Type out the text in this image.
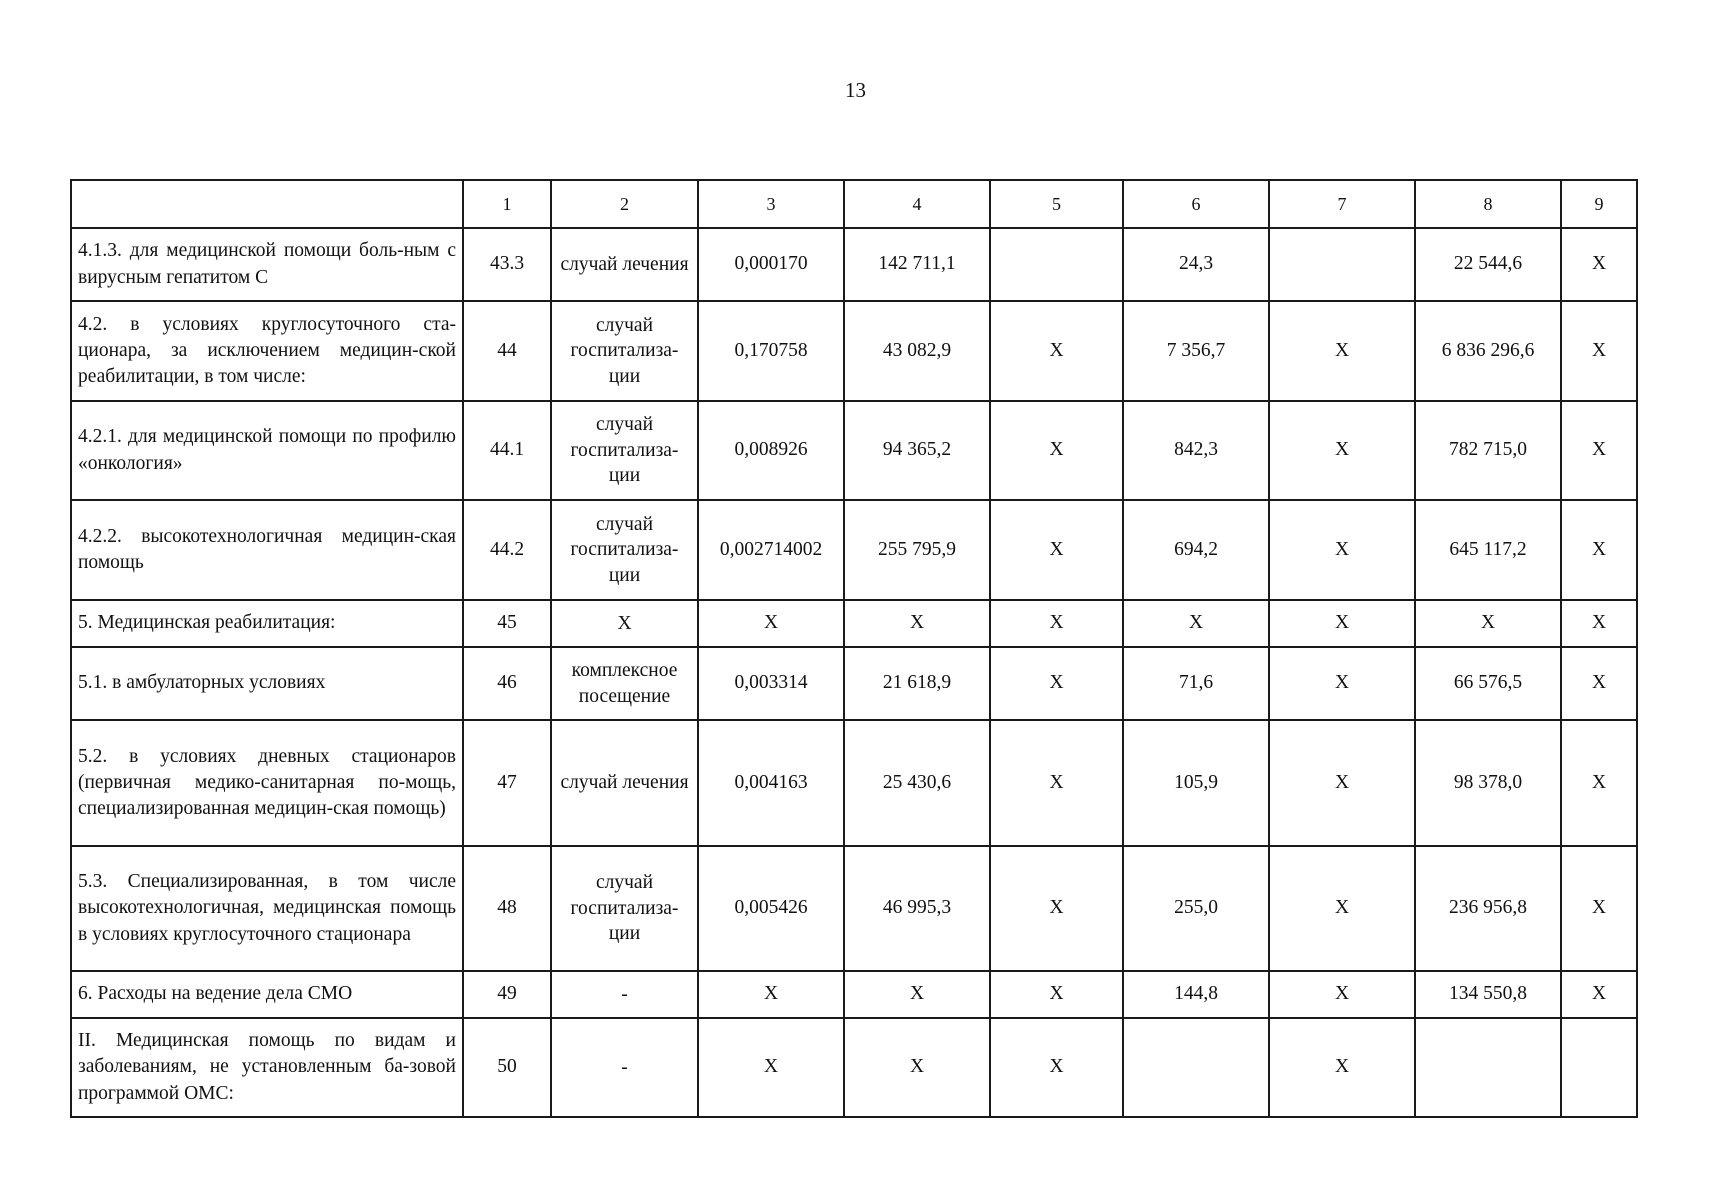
13
	1	2	3	4	5	6	7	8	9
4.1.3. для медицинской помощи боль-ным с вирусным гепатитом С	43.3	случай лечения	0,000170	142 711,1		24,3		22 544,6	X
4.2. в условиях круглосуточного ста-ционара, за исключением медицин-ской реабилитации, в том числе:	44	случай госпитализа-ции	0,170758	43 082,9	X	7 356,7	X	6 836 296,6	X
4.2.1. для медицинской помощи по профилю «онкология»	44.1	случай госпитализа-ции	0,008926	94 365,2	X	842,3	X	782 715,0	X
4.2.2. высокотехнологичная медицин-ская помощь	44.2	случай госпитализа-ции	0,002714002	255 795,9	X	694,2	X	645 117,2	X
5. Медицинская реабилитация:	45	X	X	X	X	X	X	X	X
5.1. в амбулаторных условиях	46	комплексное посещение	0,003314	21 618,9	X	71,6	X	66 576,5	X
5.2. в условиях дневных стационаров (первичная медико-санитарная по-мощь, специализированная медицин-ская помощь)	47	случай лечения	0,004163	25 430,6	X	105,9	X	98 378,0	X
5.3. Специализированная, в том числе высокотехнологичная, медицинская помощь в условиях круглосуточного стационара	48	случай госпитализа-ции	0,005426	46 995,3	X	255,0	X	236 956,8	X
6. Расходы на ведение дела СМО	49	-	X	X	X	144,8	X	134 550,8	X
II. Медицинская помощь по видам и заболеваниям, не установленным ба-зовой программой ОМС:	50	-	X	X	X		X		
